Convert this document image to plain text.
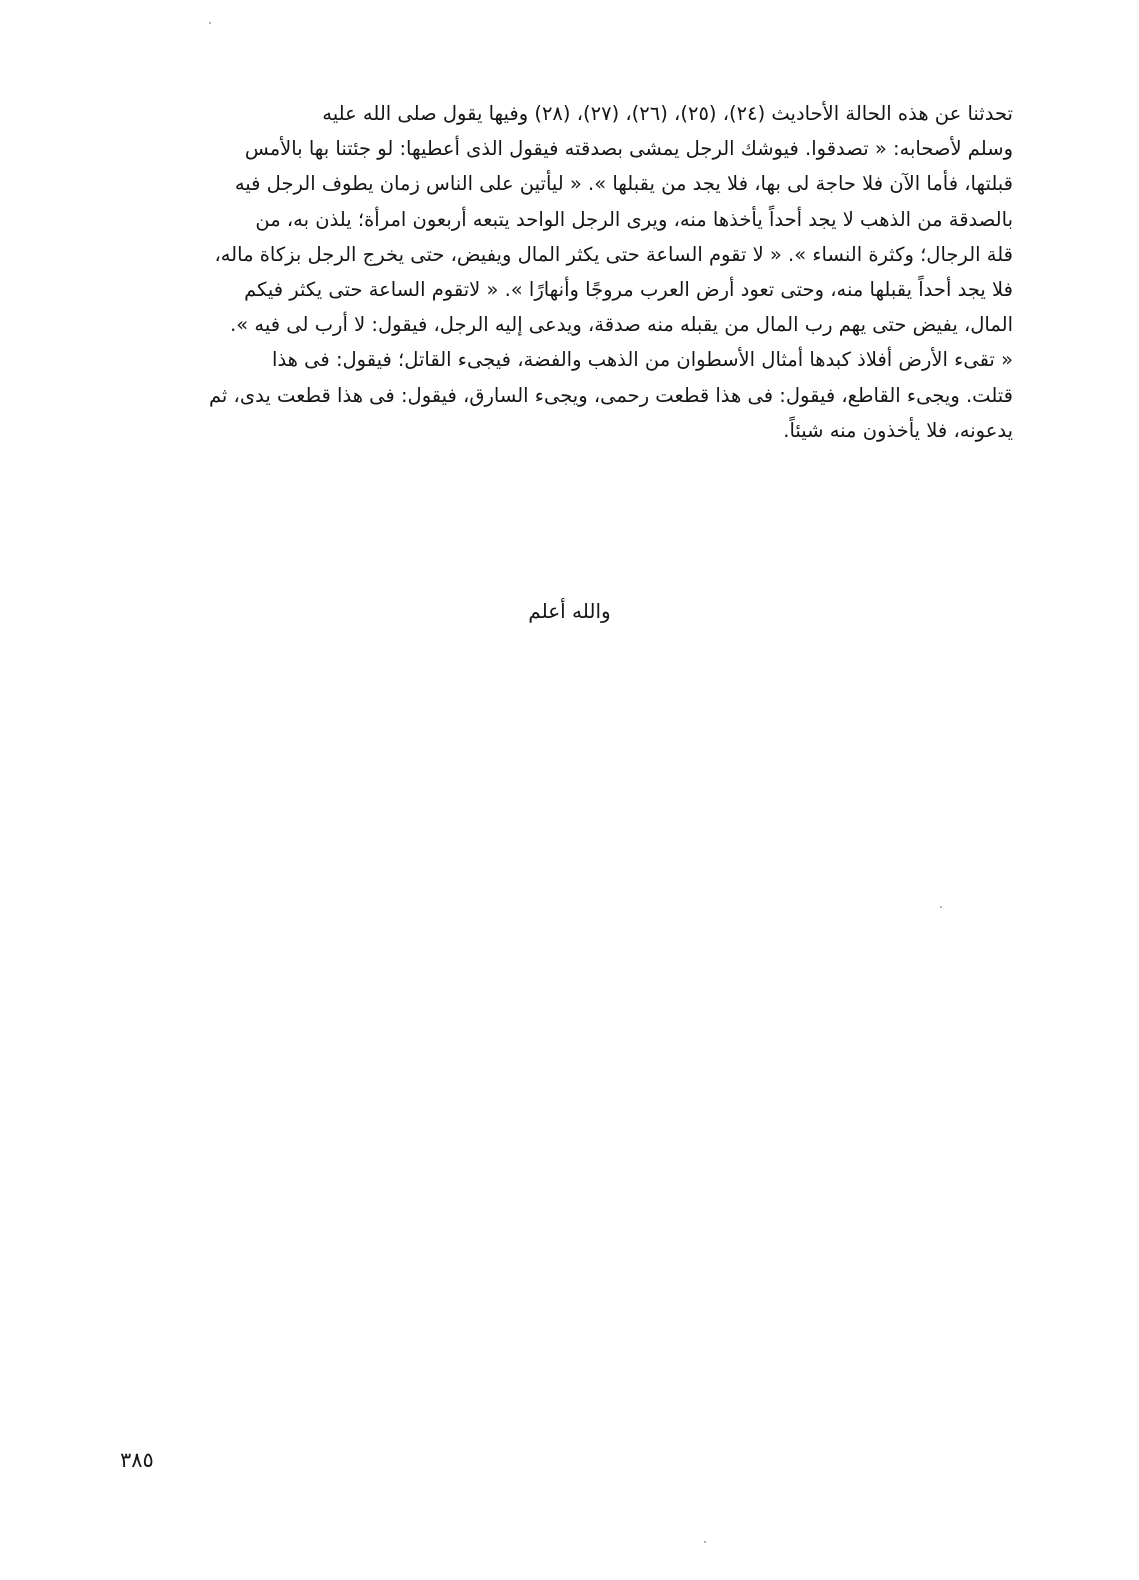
تحدثنا عن هذه الحالة الأحاديث (٢٤)، (٢٥)، (٢٦)، (٢٧)، (٢٨) وفيها يقول صلى الله عليه
وسلم لأصحابه: « تصدقوا. فيوشك الرجل يمشى بصدقته فيقول الذى أعطيها: لو جئتنا بها بالأمس
قبلتها، فأما الآن فلا حاجة لى بها، فلا يجد من يقبلها ». « ليأتين على الناس زمان يطوف الرجل فيه
بالصدقة من الذهب لا يجد أحداً يأخذها منه، ويرى الرجل الواحد يتبعه أربعون امرأة؛ يلذن به، من
قلة الرجال؛ وكثرة النساء ». « لا تقوم الساعة حتى يكثر المال ويفيض، حتى يخرج الرجل بزكاة ماله،
فلا يجد أحداً يقبلها منه، وحتى تعود أرض العرب مروجًا وأنهارًا ». « لاتقوم الساعة حتى يكثر فيكم
المال، يفيض حتى يهم رب المال من يقبله منه صدقة، ويدعى إليه الرجل، فيقول: لا أرب لى فيه ».
« تقىء الأرض أفلاذ كبدها أمثال الأسطوان من الذهب والفضة، فيجىء القاتل؛ فيقول: فى هذا
قتلت. ويجىء القاطع، فيقول: فى هذا قطعت رحمى، ويجىء السارق، فيقول: فى هذا قطعت يدى، ثم
يدعونه، فلا يأخذون منه شيئاً.
والله أعلم
٣٨٥
